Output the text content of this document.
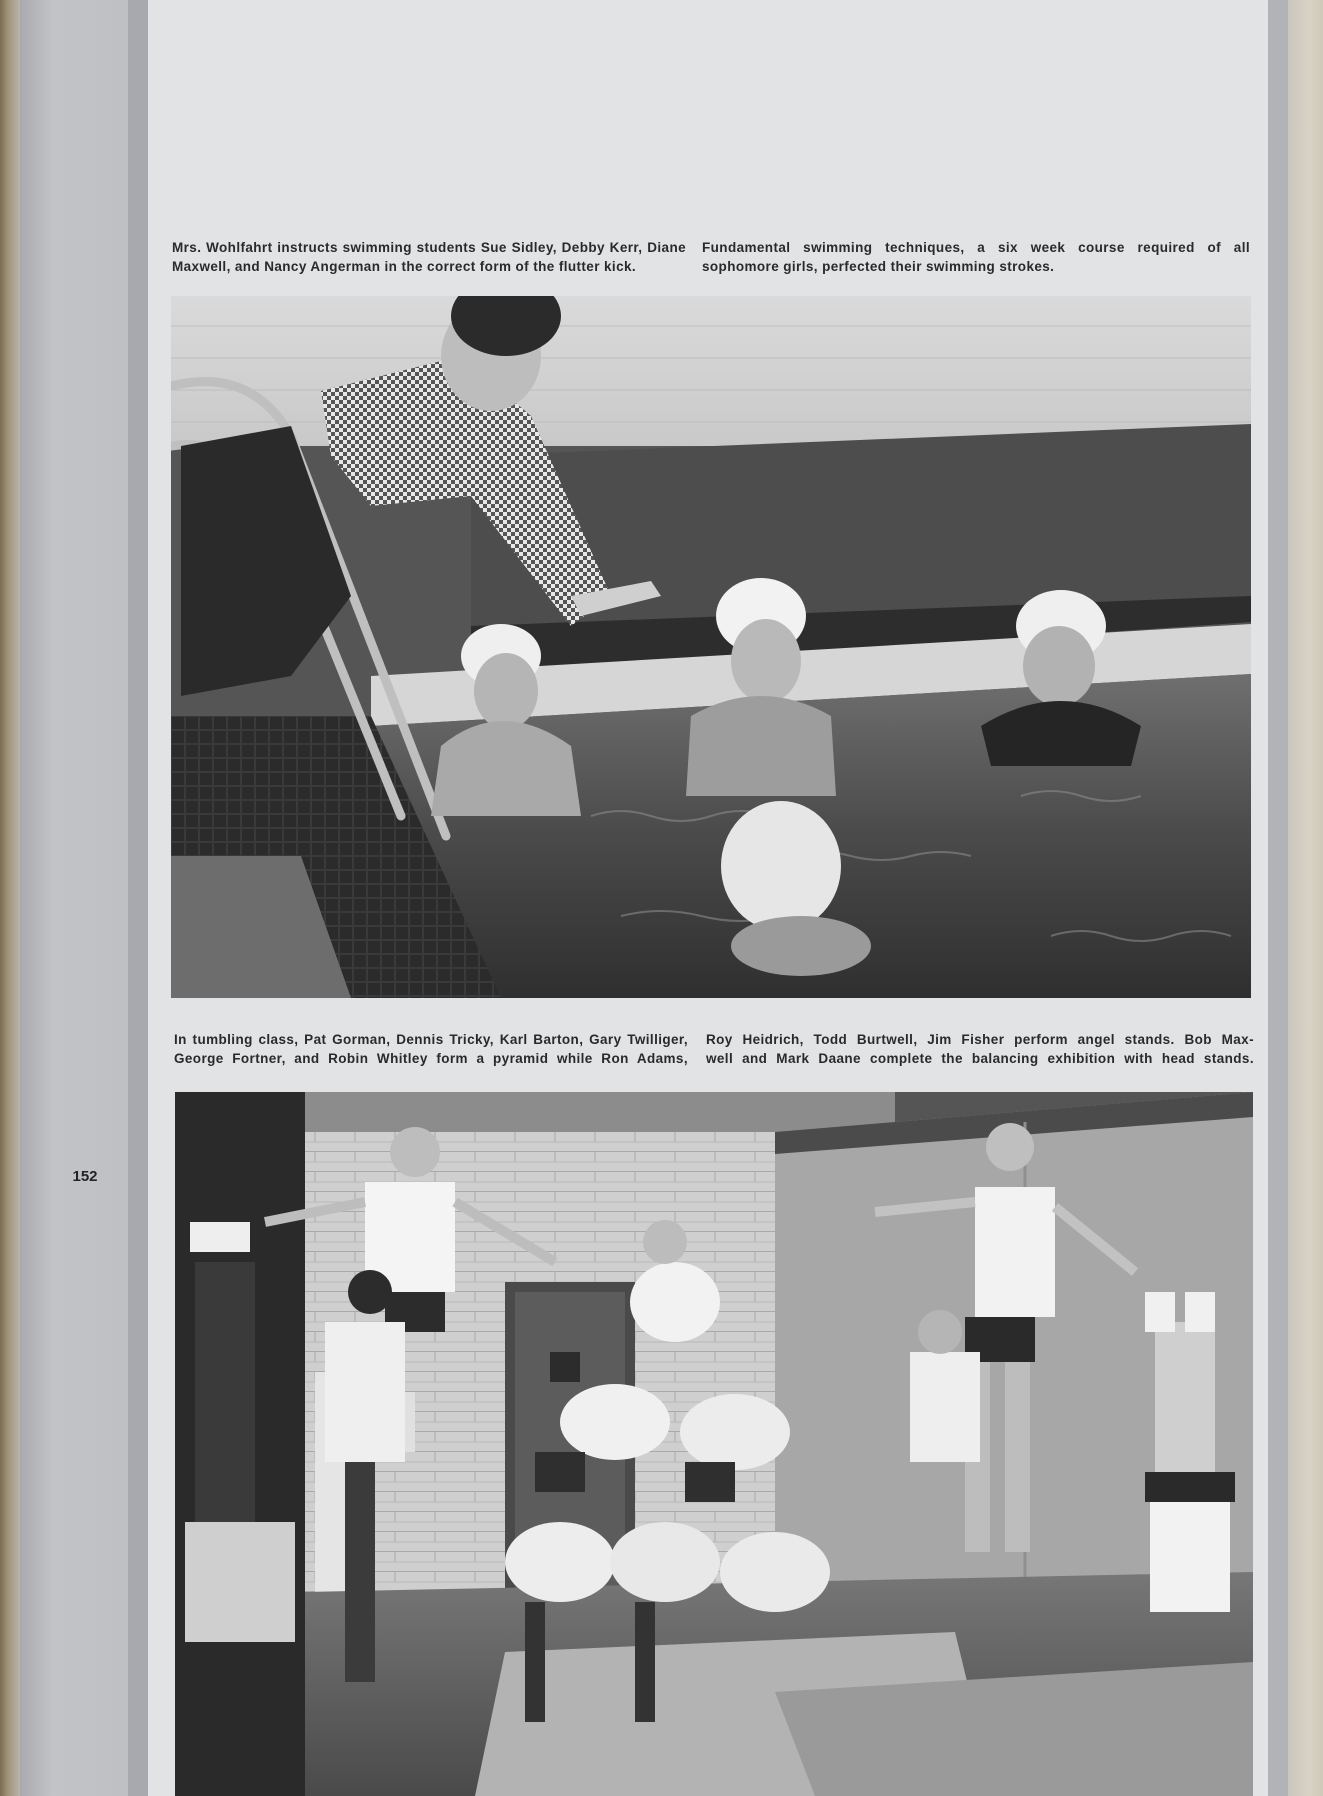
152
Mrs. Wohlfahrt instructs swimming students Sue Sidley, Debby Kerr, Diane
Maxwell, and Nancy Angerman in the correct form of the flutter kick.
Fundamental swimming techniques, a six week course required of all
sophomore girls, perfected their swimming strokes.
In tumbling class, Pat Gorman, Dennis Tricky, Karl Barton, Gary Twilliger,
George Fortner, and Robin Whitley form a pyramid while Ron Adams,
Roy Heidrich, Todd Burtwell, Jim Fisher perform angel stands. Bob Max-
well and Mark Daane complete the balancing exhibition with head stands.
